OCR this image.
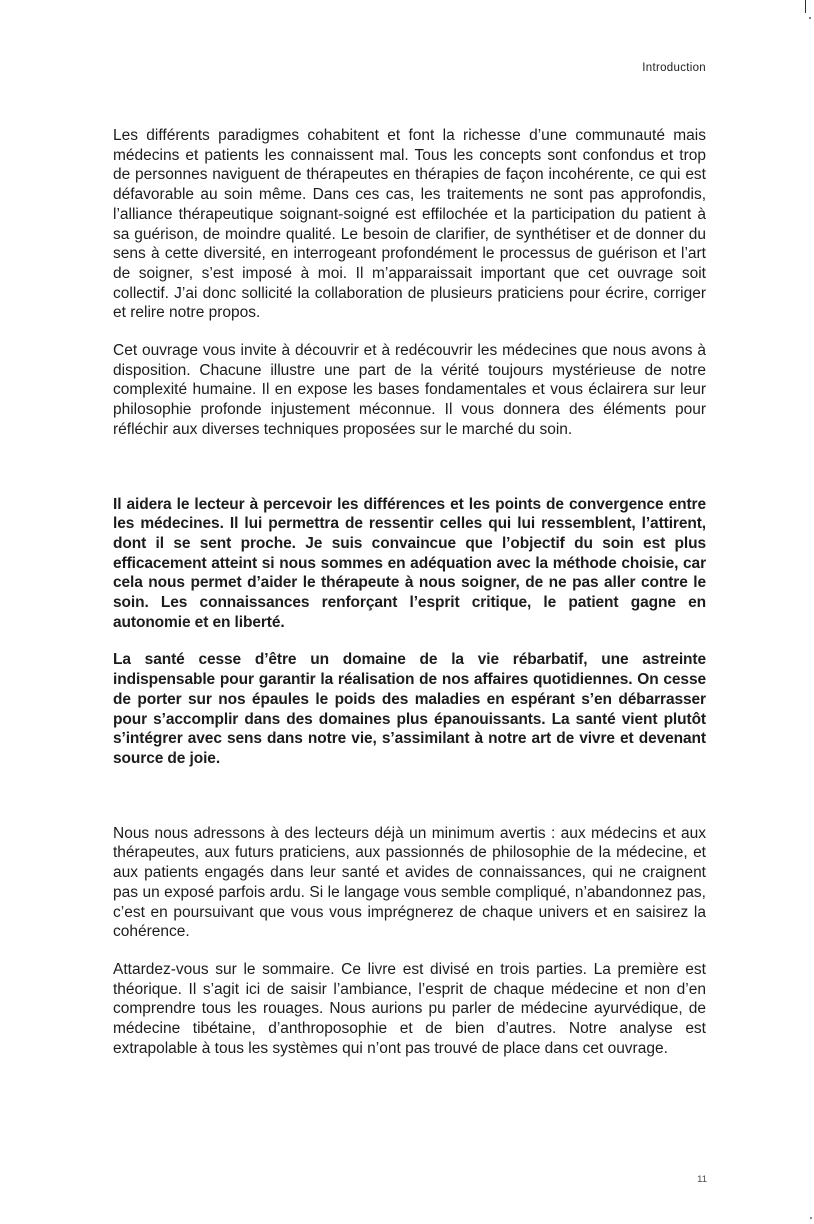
Introduction

Les différents paradigmes cohabitent et font la richesse d’une communauté mais médecins et patients les connaissent mal. Tous les concepts sont confondus et trop de personnes naviguent de thérapeutes en thérapies de façon incohérente, ce qui est défavorable au soin même. Dans ces cas, les traitements ne sont pas approfondis, l’alliance thérapeutique soignant-soigné est effilochée et la participation du patient à sa guérison, de moindre qualité. Le besoin de clarifier, de synthétiser et de donner du sens à cette diversité, en interrogeant profondément le processus de guérison et l’art de soigner, s’est imposé à moi. Il m’apparaissait important que cet ouvrage soit collectif. J’ai donc sollicité la collaboration de plusieurs praticiens pour écrire, corriger et relire notre propos.

Cet ouvrage vous invite à découvrir et à redécouvrir les médecines que nous avons à disposition. Chacune illustre une part de la vérité toujours mystérieuse de notre complexité humaine. Il en expose les bases fondamentales et vous éclairera sur leur philosophie profonde injustement méconnue. Il vous donnera des éléments pour réfléchir aux diverses techniques proposées sur le marché du soin.

Il aidera le lecteur à percevoir les différences et les points de convergence entre les médecines. Il lui permettra de ressentir celles qui lui ressemblent, l’attirent, dont il se sent proche. Je suis convaincue que l’objectif du soin est plus efficacement atteint si nous sommes en adéquation avec la méthode choisie, car cela nous permet d’aider le thérapeute à nous soigner, de ne pas aller contre le soin. Les connaissances renforçant l’esprit critique, le patient gagne en autonomie et en liberté.

La santé cesse d’être un domaine de la vie rébarbatif, une astreinte indispensable pour garantir la réalisation de nos affaires quotidiennes. On cesse de porter sur nos épaules le poids des maladies en espérant s’en débarrasser pour s’accomplir dans des domaines plus épanouissants. La santé vient plutôt s’intégrer avec sens dans notre vie, s’assimilant à notre art de vivre et devenant source de joie.

Nous nous adressons à des lecteurs déjà un minimum avertis : aux médecins et aux thérapeutes, aux futurs praticiens, aux passionnés de philosophie de la médecine, et aux patients engagés dans leur santé et avides de connaissances, qui ne craignent pas un exposé parfois ardu. Si le langage vous semble compliqué, n’abandonnez pas, c’est en poursuivant que vous vous imprégnerez de chaque univers et en saisirez la cohérence.

Attardez-vous sur le sommaire. Ce livre est divisé en trois parties. La première est théorique. Il s’agit ici de saisir l’ambiance, l’esprit de chaque médecine et non d’en comprendre tous les rouages. Nous aurions pu parler de médecine ayurvédique, de médecine tibétaine, d’anthroposophie et de bien d’autres. Notre analyse est extrapolable à tous les systèmes qui n’ont pas trouvé de place dans cet ouvrage.

11
